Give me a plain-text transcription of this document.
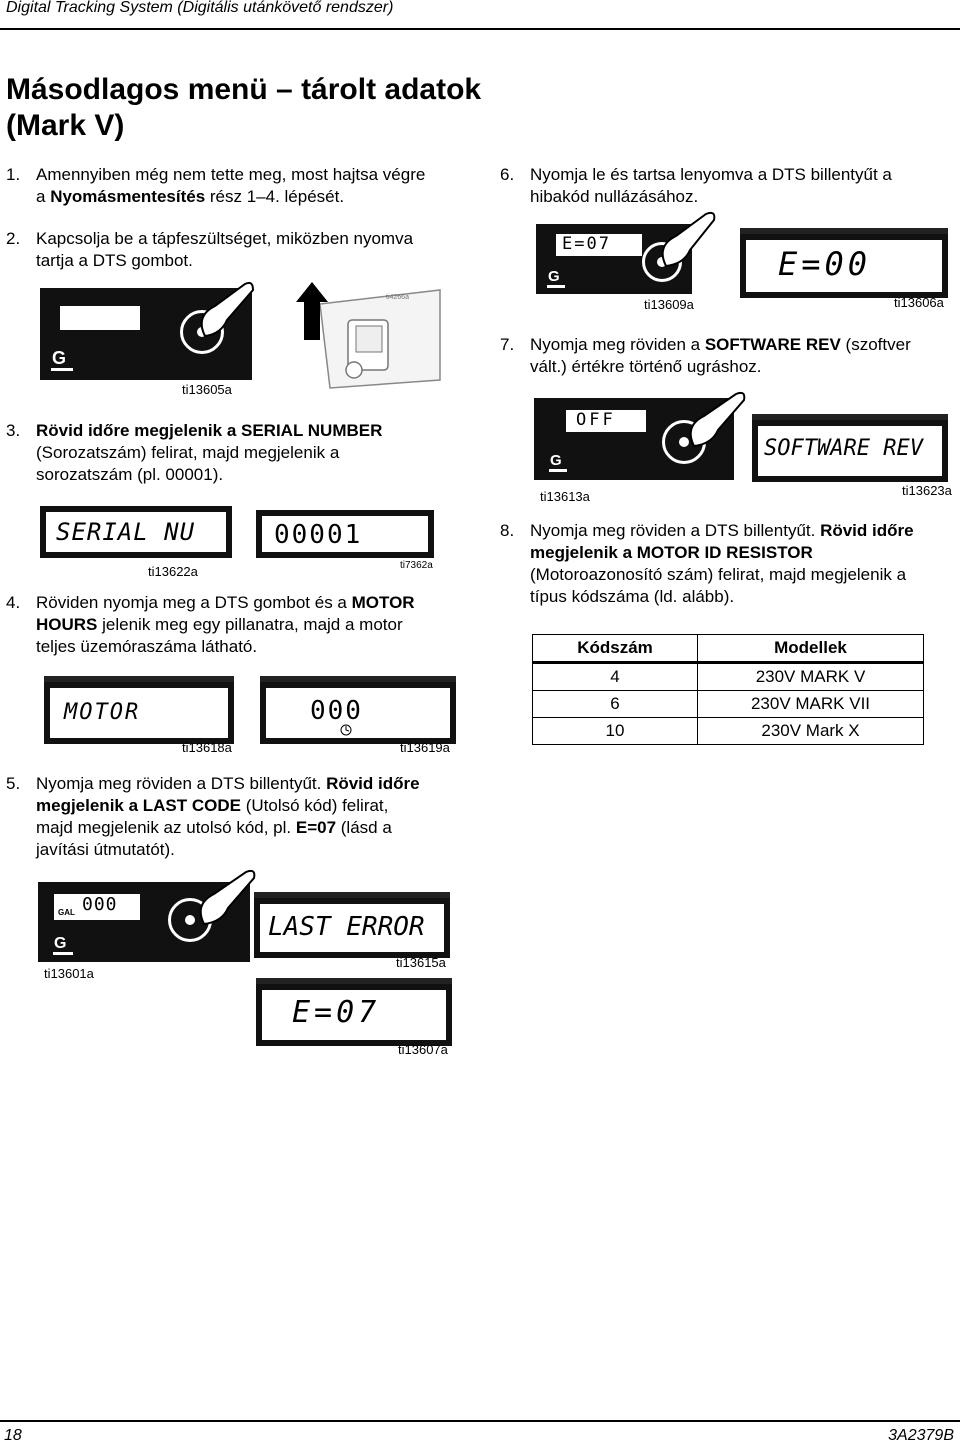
Digital Tracking System (Digitális utánkövető rendszer)
Másodlagos menü – tárolt adatok
(Mark V)
1. Amennyiben még nem tette meg, most hajtsa végre
a Nyomásmentesítés rész 1–4. lépését.
2. Kapcsolja be a tápfeszültséget, miközben nyomva
tartja a DTS gombot.
G
ti13605a
ti4266a
3. Rövid időre megjelenik a SERIAL NUMBER
(Sorozatszám) felirat, majd megjelenik a
sorozatszám (pl. 00001).
SERIAL NU
ti13622a
00001
ti7362a
4. Röviden nyomja meg a DTS gombot és a MOTOR
HOURS jelenik meg egy pillanatra, majd a motor
teljes üzemóraszáma látható.
MOTOR
ti13618a
000
ti13619a
5. Nyomja meg röviden a DTS billentyűt. Rövid időre
megjelenik a LAST CODE (Utolsó kód) felirat,
majd megjelenik az utolsó kód, pl. E=07 (lásd a
javítási útmutatót).
GAL 000
G
ti13601a
LAST ERROR
ti13615a
E=07
ti13607a
6. Nyomja le és tartsa lenyomva a DTS billentyűt a
hibakód nullázásához.
E=07
G
ti13609a
E=00
ti13606a
7. Nyomja meg röviden a SOFTWARE REV (szoftver
vált.) értékre történő ugráshoz.
OFF
G
ti13613a
SOFTWARE REV
ti13623a
8. Nyomja meg röviden a DTS billentyűt. Rövid időre
megjelenik a MOTOR ID RESISTOR
(Motoroazonosító szám) felirat, majd megjelenik a
típus kódszáma (ld. alább).
Kódszám	Modellek
4	230V MARK V
6	230V MARK VII
10	230V Mark X
18	3A2379B
